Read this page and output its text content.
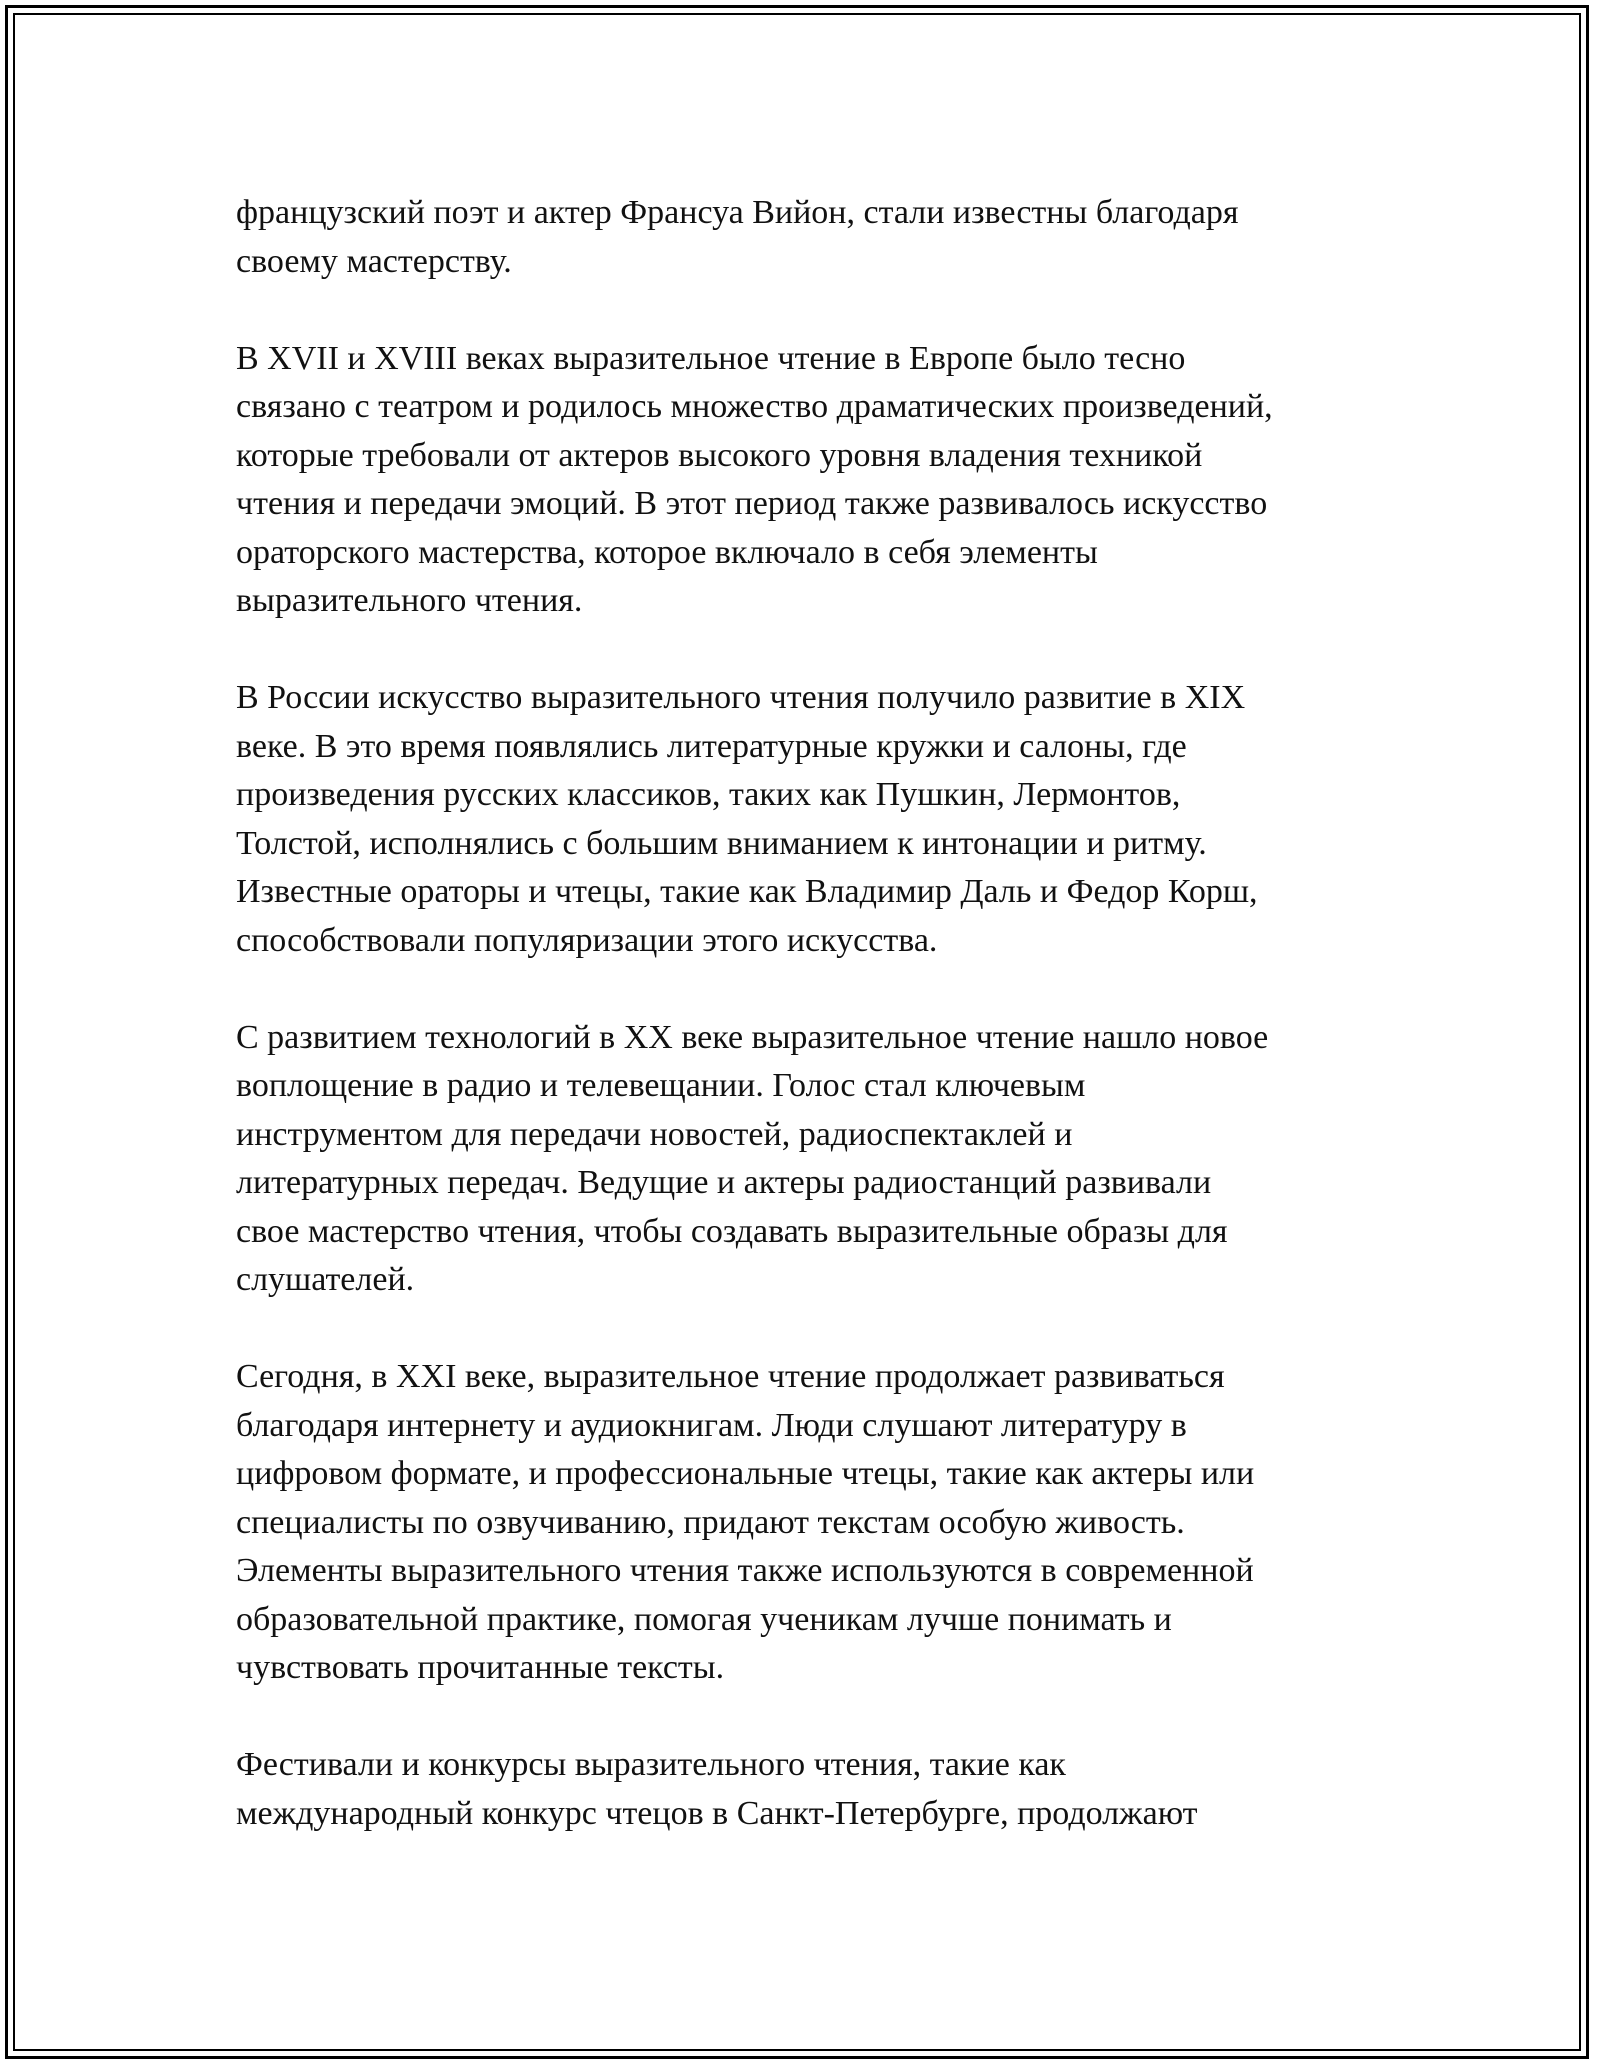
французский поэт и актер Франсуа Вийон, стали известны благодаря
своему мастерству.

В XVII и XVIII веках выразительное чтение в Европе было тесно
связано с театром и родилось множество драматических произведений,
которые требовали от актеров высокого уровня владения техникой
чтения и передачи эмоций. В этот период также развивалось искусство
ораторского мастерства, которое включало в себя элементы
выразительного чтения.

В России искусство выразительного чтения получило развитие в XIX
веке. В это время появлялись литературные кружки и салоны, где
произведения русских классиков, таких как Пушкин, Лермонтов,
Толстой, исполнялись с большим вниманием к интонации и ритму.
Известные ораторы и чтецы, такие как Владимир Даль и Федор Корш,
способствовали популяризации этого искусства.

С развитием технологий в XX веке выразительное чтение нашло новое
воплощение в радио и телевещании. Голос стал ключевым
инструментом для передачи новостей, радиоспектаклей и
литературных передач. Ведущие и актеры радиостанций развивали
свое мастерство чтения, чтобы создавать выразительные образы для
слушателей.

Сегодня, в XXI веке, выразительное чтение продолжает развиваться
благодаря интернету и аудиокнигам. Люди слушают литературу в
цифровом формате, и профессиональные чтецы, такие как актеры или
специалисты по озвучиванию, придают текстам особую живость.
Элементы выразительного чтения также используются в современной
образовательной практике, помогая ученикам лучше понимать и
чувствовать прочитанные тексты.

Фестивали и конкурсы выразительного чтения, такие как
международный конкурс чтецов в Санкт-Петербурге, продолжают
